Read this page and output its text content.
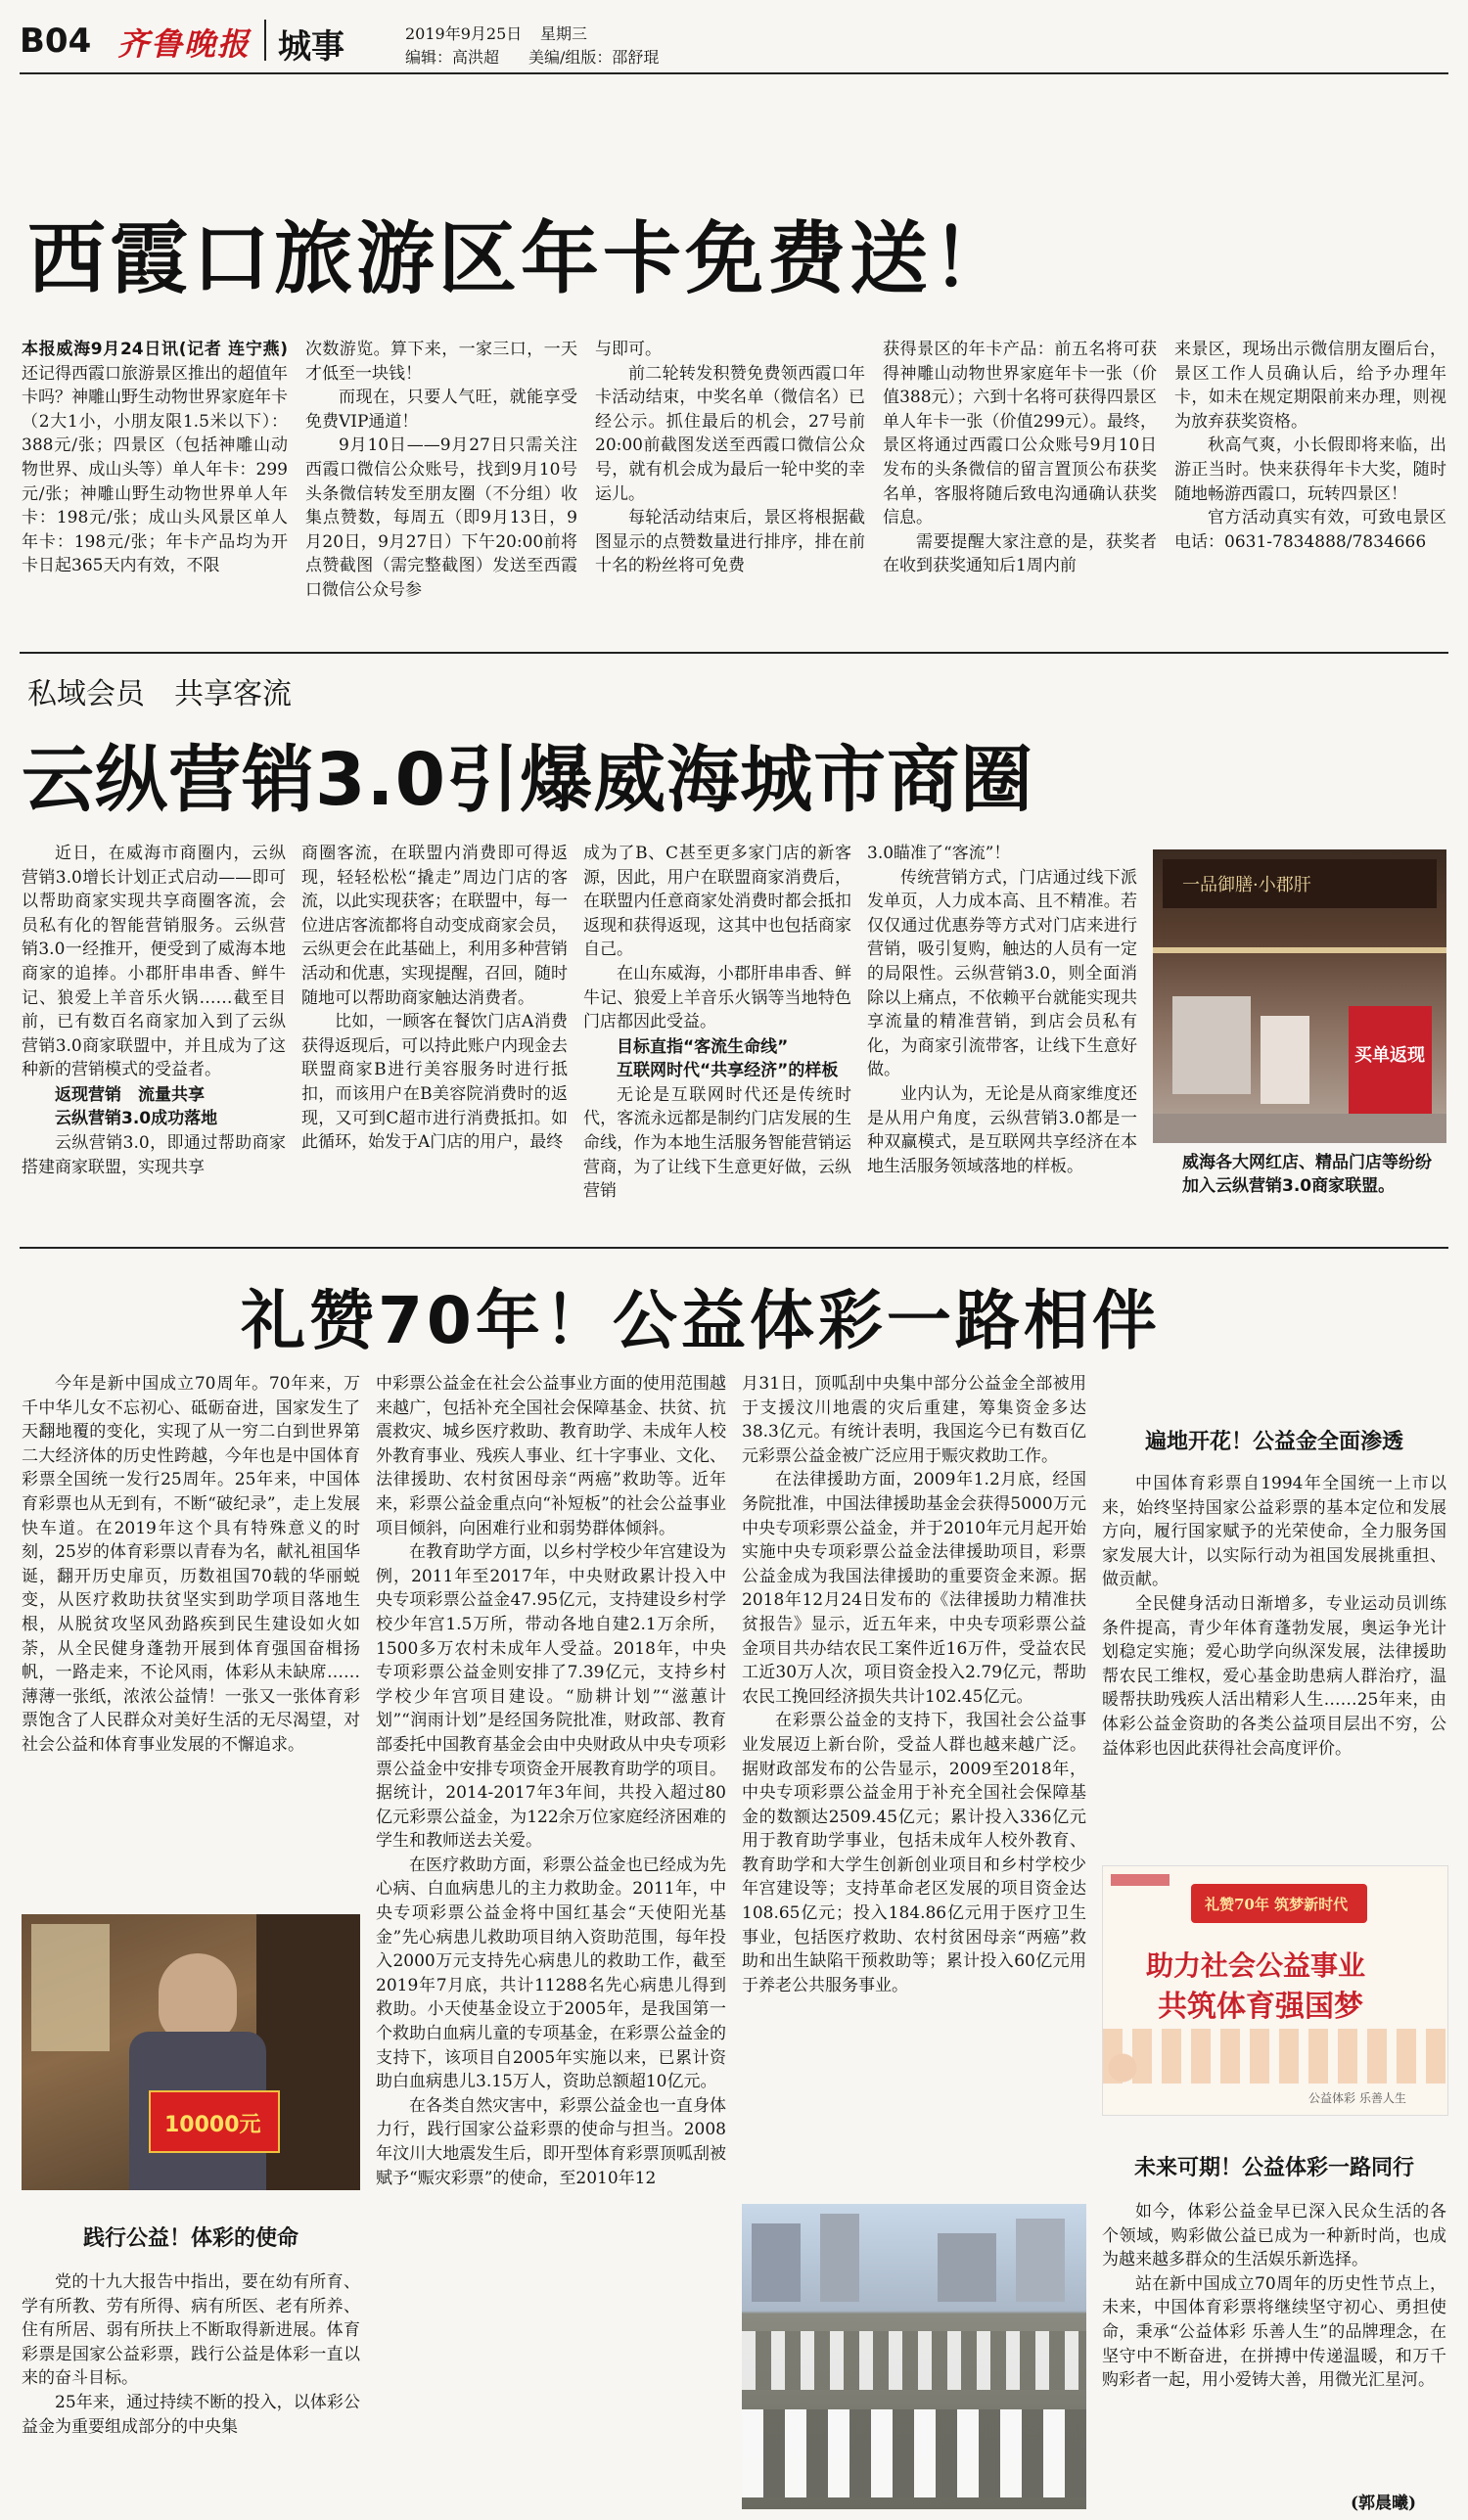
B04 齐鲁晚报 城事	2019年9月25日 星期三
编辑：高洪超 美编/组版：邵舒琨
西霞口旅游区年卡免费送！

本报威海9月24日讯(记者 连宁燕)还记得西霞口旅游景区推出的超值年卡吗？神雕山野生动物世界家庭年卡（2大1小，小朋友限1.5米以下）：388元/张；四景区（包括神雕山动物世界、成山头等）单人年卡：299元/张；神雕山野生动物世界单人年卡：198元/张；成山头风景区单人年卡：198元/张；年卡产品均为开卡日起365天内有效，不限

次数游览。算下来，一家三口，一天才低至一块钱！

而现在，只要人气旺，就能享受免费VIP通道！

9月10日——9月27日只需关注西霞口微信公众账号，找到9月10号头条微信转发至朋友圈（不分组）收集点赞数，每周五（即9月13日，9月20日，9月27日）下午20:00前将点赞截图（需完整截图）发送至西霞口微信公众号参

与即可。

前二轮转发积赞免费领西霞口年卡活动结束，中奖名单（微信名）已经公示。抓住最后的机会，27号前20:00前截图发送至西霞口微信公众号，就有机会成为最后一轮中奖的幸运儿。

每轮活动结束后，景区将根据截图显示的点赞数量进行排序，排在前十名的粉丝将可免费

获得景区的年卡产品：前五名将可获得神雕山动物世界家庭年卡一张（价值388元）；六到十名将可获得四景区单人年卡一张（价值299元）。最终，景区将通过西霞口公众账号9月10日发布的头条微信的留言置顶公布获奖名单，客服将随后致电沟通确认获奖信息。

需要提醒大家注意的是，获奖者在收到获奖通知后1周内前

来景区，现场出示微信朋友圈后台，景区工作人员确认后，给予办理年卡，如未在规定期限前来办理，则视为放弃获奖资格。

秋高气爽，小长假即将来临，出游正当时。快来获得年卡大奖，随时随地畅游西霞口，玩转四景区！

官方活动真实有效，可致电景区电话：0631-7834888/7834666

私域会员　共享客流
云纵营销3.0引爆威海城市商圈

近日，在威海市商圈内，云纵营销3.0增长计划正式启动——即可以帮助商家实现共享商圈客流，会员私有化的智能营销服务。云纵营销3.0一经推开，便受到了威海本地商家的追捧。小郡肝串串香、鲜牛记、狼爱上羊音乐火锅……截至目前，已有数百名商家加入到了云纵营销3.0商家联盟中，并且成为了这种新的营销模式的受益者。

返现营销　流量共享
云纵营销3.0成功落地

云纵营销3.0，即通过帮助商家搭建商家联盟，实现共享

商圈客流，在联盟内消费即可得返现，轻轻松松“撬走”周边门店的客流，以此实现获客；在联盟中，每一位进店客流都将自动变成商家会员，云纵更会在此基础上，利用多种营销活动和优惠，实现提醒，召回，随时随地可以帮助商家触达消费者。

比如，一顾客在餐饮门店A消费获得返现后，可以持此账户内现金去联盟商家B进行美容服务时进行抵扣，而该用户在B美容院消费时的返现，又可到C超市进行消费抵扣。如此循环，始发于A门店的用户，最终

成为了B、C甚至更多家门店的新客源，因此，用户在联盟商家消费后，在联盟内任意商家处消费时都会抵扣返现和获得返现，这其中也包括商家自己。

在山东威海，小郡肝串串香、鲜牛记、狼爱上羊音乐火锅等当地特色门店都因此受益。

目标直指“客流生命线”
互联网时代“共享经济”的样板

无论是互联网时代还是传统时代，客流永远都是制约门店发展的生命线，作为本地生活服务智能营销运营商，为了让线下生意更好做，云纵营销

3.0瞄准了“客流”！

传统营销方式，门店通过线下派发单页，人力成本高、且不精准。若仅仅通过优惠券等方式对门店来进行营销，吸引复购，触达的人员有一定的局限性。云纵营销3.0，则全面消除以上痛点，不依赖平台就能实现共享流量的精准营销，到店会员私有化，为商家引流带客，让线下生意好做。

业内认为，无论是从商家维度还是从用户角度，云纵营销3.0都是一种双赢模式，是互联网共享经济在本地生活服务领域落地的样板。

一品御膳·小郡肝
买单返现
威海各大网红店、精品门店等纷纷加入云纵营销3.0商家联盟。
礼赞70年！公益体彩一路相伴

今年是新中国成立70周年。70年来，万千中华儿女不忘初心、砥砺奋进，国家发生了天翻地覆的变化，实现了从一穷二白到世界第二大经济体的历史性跨越，今年也是中国体育彩票全国统一发行25周年。25年来，中国体育彩票也从无到有，不断“破纪录”，走上发展快车道。在2019年这个具有特殊意义的时刻，25岁的体育彩票以青春为名，献礼祖国华诞，翻开历史扉页，历数祖国70载的华丽蜕变，从医疗救助扶贫坚实到助学项目落地生根，从脱贫攻坚风劲路疾到民生建设如火如荼，从全民健身蓬勃开展到体育强国奋楫扬帆，一路走来，不论风雨，体彩从未缺席……薄薄一张纸，浓浓公益情！一张又一张体育彩票饱含了人民群众对美好生活的无尽渴望，对社会公益和体育事业发展的不懈追求。

10000元
践行公益！体彩的使命

党的十九大报告中指出，要在幼有所育、学有所教、劳有所得、病有所医、老有所养、住有所居、弱有所扶上不断取得新进展。体育彩票是国家公益彩票，践行公益是体彩一直以来的奋斗目标。

25年来，通过持续不断的投入，以体彩公益金为重要组成部分的中央集

中彩票公益金在社会公益事业方面的使用范围越来越广，包括补充全国社会保障基金、扶贫、抗震救灾、城乡医疗救助、教育助学、未成年人校外教育事业、残疾人事业、红十字事业、文化、法律援助、农村贫困母亲“两癌”救助等。近年来，彩票公益金重点向“补短板”的社会公益事业项目倾斜，向困难行业和弱势群体倾斜。

在教育助学方面，以乡村学校少年宫建设为例，2011年至2017年，中央财政累计投入中央专项彩票公益金47.95亿元，支持建设乡村学校少年宫1.5万所，带动各地自建2.1万余所，1500多万农村未成年人受益。2018年，中央专项彩票公益金则安排了7.39亿元，支持乡村学校少年宫项目建设。“励耕计划”“滋蕙计划”“润雨计划”是经国务院批准，财政部、教育部委托中国教育基金会由中央财政从中央专项彩票公益金中安排专项资金开展教育助学的项目。据统计，2014-2017年3年间，共投入超过80亿元彩票公益金，为122余万位家庭经济困难的学生和教师送去关爱。

在医疗救助方面，彩票公益金也已经成为先心病、白血病患儿的主力救助金。2011年，中央专项彩票公益金将中国红基会“天使阳光基金”先心病患儿救助项目纳入资助范围，每年投入2000万元支持先心病患儿的救助工作，截至2019年7月底，共计11288名先心病患儿得到救助。小天使基金设立于2005年，是我国第一个救助白血病儿童的专项基金，在彩票公益金的支持下，该项目自2005年实施以来，已累计资助白血病患儿3.15万人，资助总额超10亿元。

在各类自然灾害中，彩票公益金也一直身体力行，践行国家公益彩票的使命与担当。2008年汶川大地震发生后，即开型体育彩票顶呱刮被赋予“赈灾彩票”的使命，至2010年12

月31日，顶呱刮中央集中部分公益金全部被用于支援汶川地震的灾后重建，筹集资金多达38.3亿元。有统计表明，我国迄今已有数百亿元彩票公益金被广泛应用于赈灾救助工作。

在法律援助方面，2009年1.2月底，经国务院批准，中国法律援助基金会获得5000万元中央专项彩票公益金，并于2010年元月起开始实施中央专项彩票公益金法律援助项目，彩票公益金成为我国法律援助的重要资金来源。据2018年12月24日发布的《法律援助力精准扶贫报告》显示，近五年来，中央专项彩票公益金项目共办结农民工案件近16万件，受益农民工近30万人次，项目资金投入2.79亿元，帮助农民工挽回经济损失共计102.45亿元。

在彩票公益金的支持下，我国社会公益事业发展迈上新台阶，受益人群也越来越广泛。据财政部发布的公告显示，2009至2018年，中央专项彩票公益金用于补充全国社会保障基金的数额达2509.45亿元；累计投入336亿元用于教育助学事业，包括未成年人校外教育、教育助学和大学生创新创业项目和乡村学校少年宫建设等；支持革命老区发展的项目资金达108.65亿元；投入184.86亿元用于医疗卫生事业，包括医疗救助、农村贫困母亲“两癌”救助和出生缺陷干预救助等；累计投入60亿元用于养老公共服务事业。

遍地开花！公益金全面渗透

中国体育彩票自1994年全国统一上市以来，始终坚持国家公益彩票的基本定位和发展方向，履行国家赋予的光荣使命，全力服务国家发展大计，以实际行动为祖国发展挑重担、做贡献。

全民健身活动日渐增多，专业运动员训练条件提高，青少年体育蓬勃发展，奥运争光计划稳定实施；爱心助学向纵深发展，法律援助帮农民工维权，爱心基金助患病人群治疗，温暖帮扶助残疾人活出精彩人生……25年来，由体彩公益金资助的各类公益项目层出不穷，公益体彩也因此获得社会高度评价。

礼赞70年 筑梦新时代
助力社会公益事业
共筑体育强国梦
公益体彩 乐善人生
未来可期！公益体彩一路同行

如今，体彩公益金早已深入民众生活的各个领域，购彩做公益已成为一种新时尚，也成为越来越多群众的生活娱乐新选择。

站在新中国成立70周年的历史性节点上，未来，中国体育彩票将继续坚守初心、勇担使命，秉承“公益体彩 乐善人生”的品牌理念，在坚守中不断奋进，在拼搏中传递温暖，和万千购彩者一起，用小爱铸大善，用微光汇星河。

(郭晨曦)
